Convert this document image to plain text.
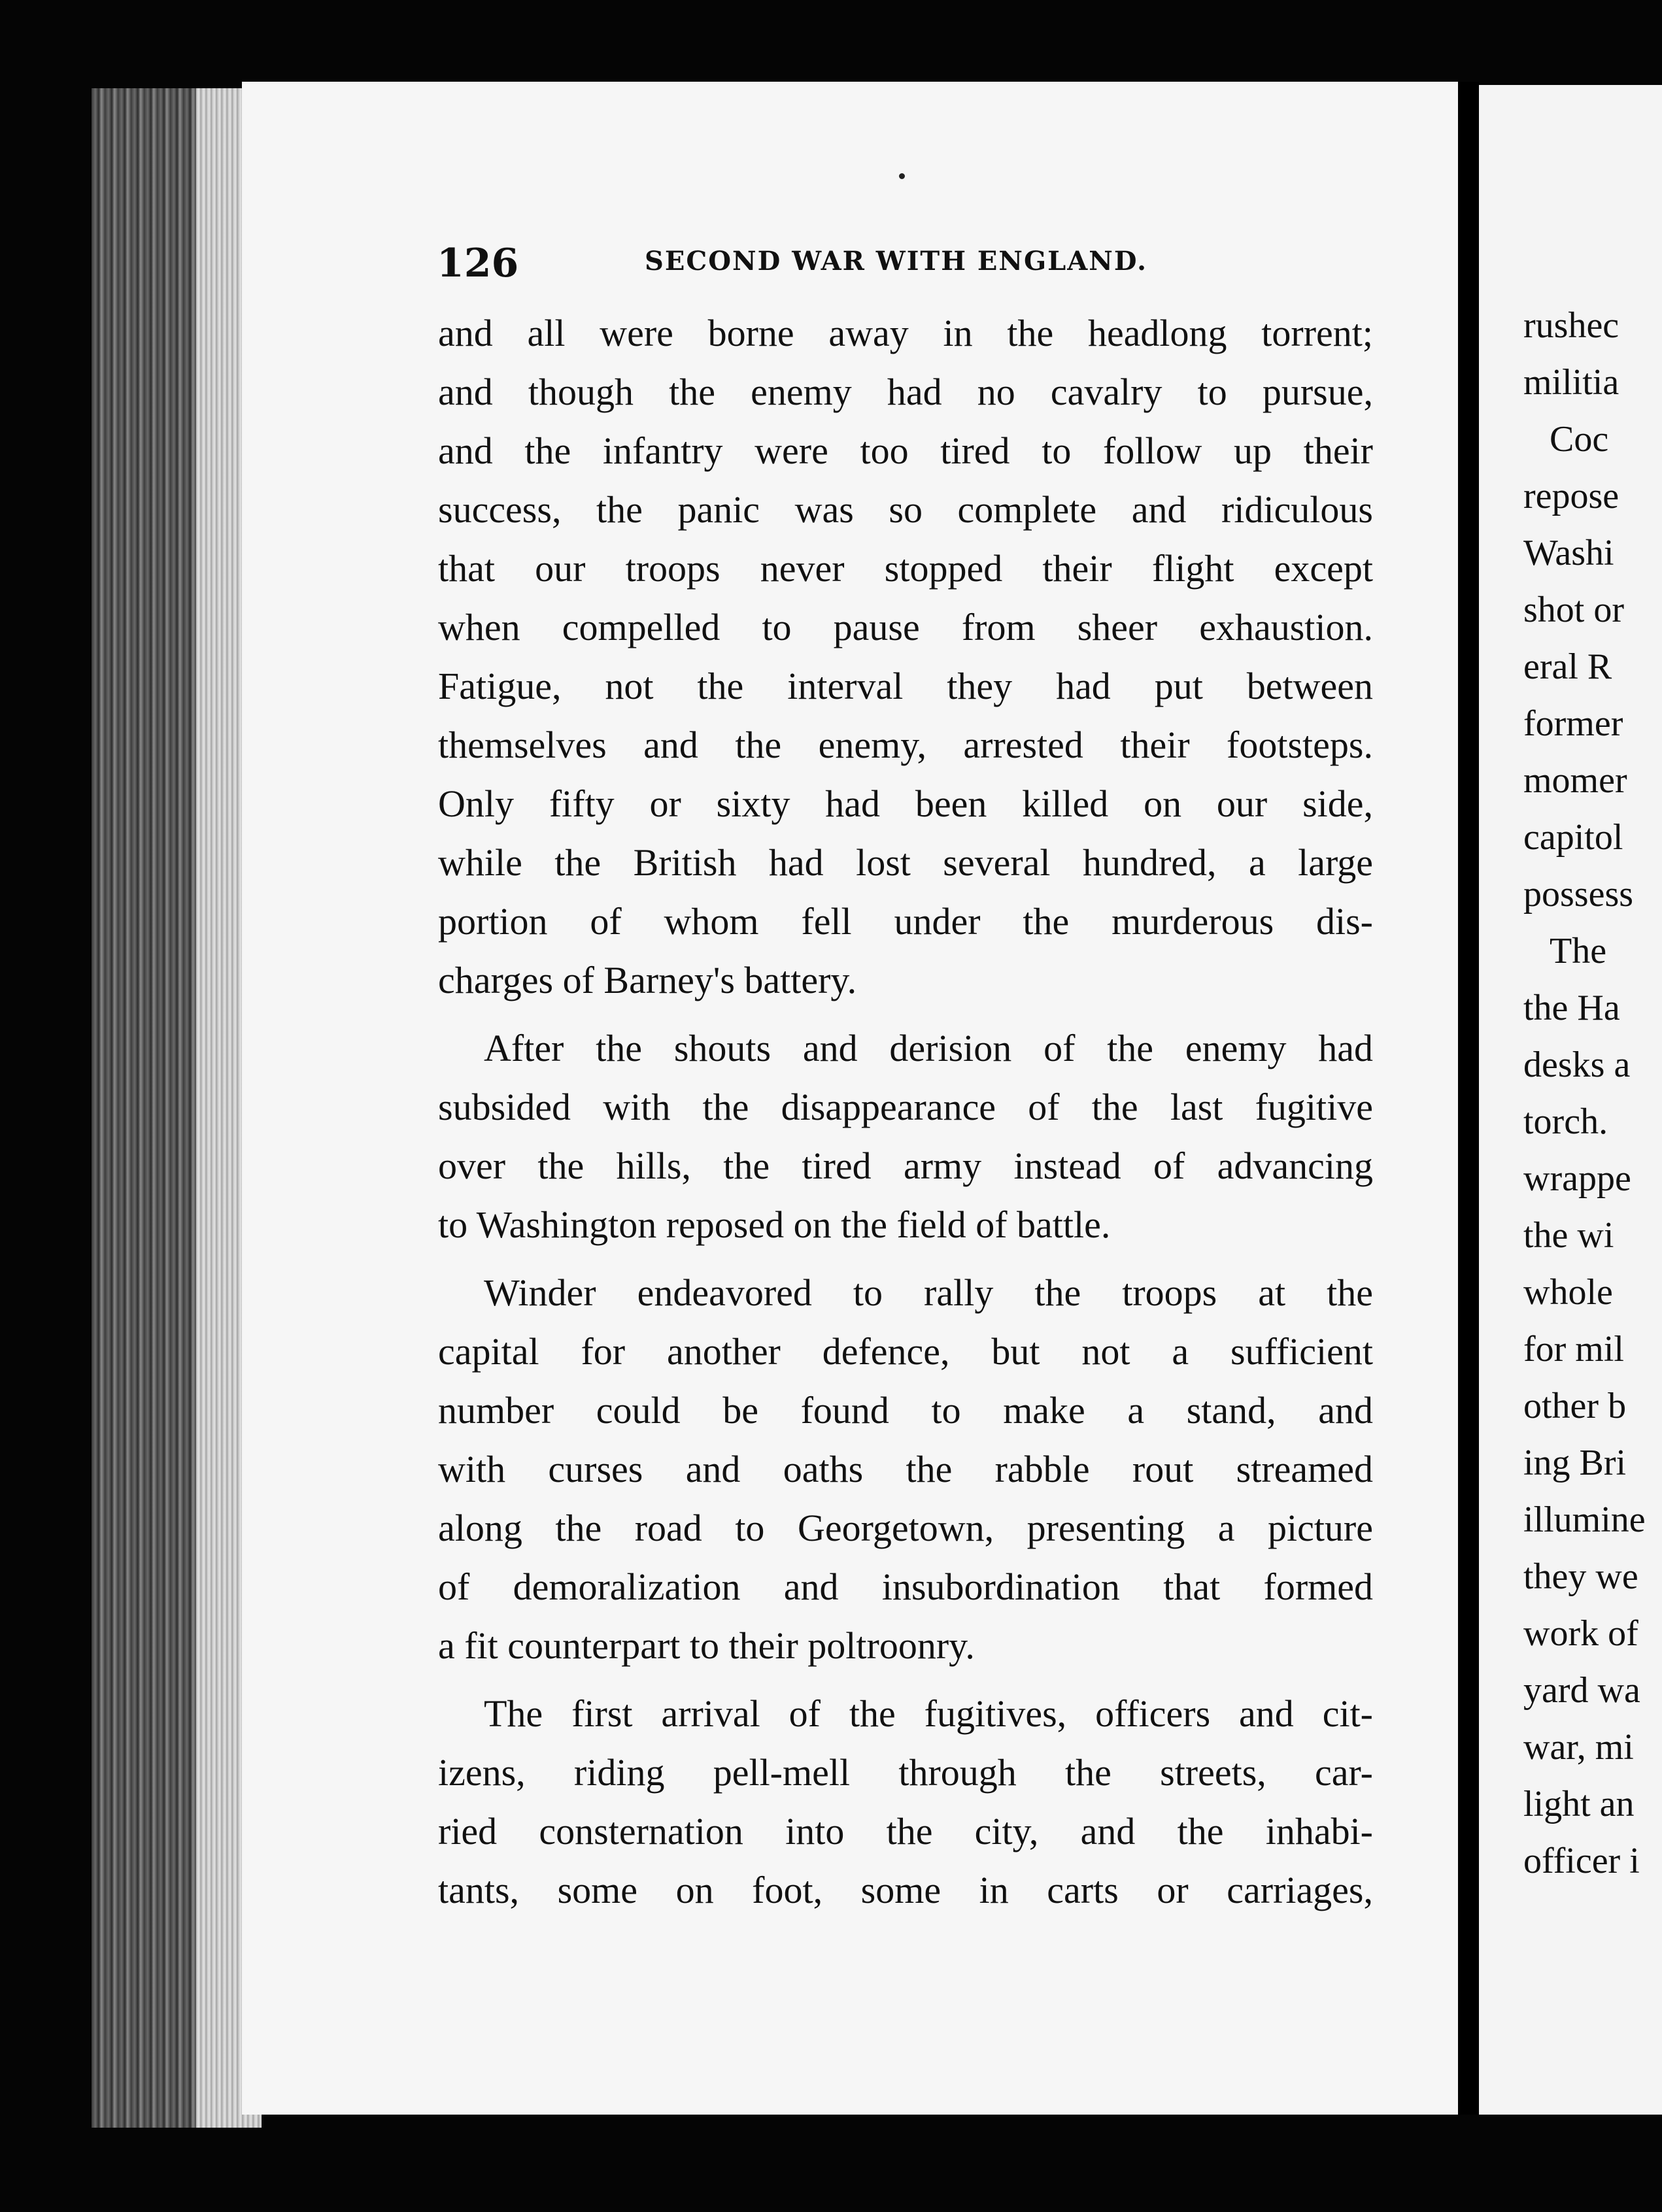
126	SECOND WAR WITH ENGLAND.
and all were borne away in the headlong torrent;
and though the enemy had no cavalry to pursue,
and the infantry were too tired to follow up their
success, the panic was so complete and ridiculous
that our troops never stopped their flight except
when compelled to pause from sheer exhaustion.
Fatigue, not the interval they had put between
themselves and the enemy, arrested their footsteps.
Only fifty or sixty had been killed on our side,
while the British had lost several hundred, a large
portion of whom fell under the murderous dis-
charges of Barney's battery.
After the shouts and derision of the enemy had
subsided with the disappearance of the last fugitive
over the hills, the tired army instead of advancing
to Washington reposed on the field of battle.
Winder endeavored to rally the troops at the
capital for another defence, but not a sufficient
number could be found to make a stand, and
with curses and oaths the rabble rout streamed
along the road to Georgetown, presenting a picture
of demoralization and insubordination that formed
a fit counterpart to their poltroonry.
The first arrival of the fugitives, officers and cit-
izens, riding pell-mell through the streets, car-
ried consternation into the city, and the inhabi-
tants, some on foot, some in carts or carriages,
rushec
militia
Coc
repose
Washi
shot or
eral R
former
momer
capitol
possess
The
the Ha
desks a
torch.
wrappe
the wi
whole
for mil
other b
ing Bri
illumine
they we
work of
yard wa
war, mi
light an
officer i
